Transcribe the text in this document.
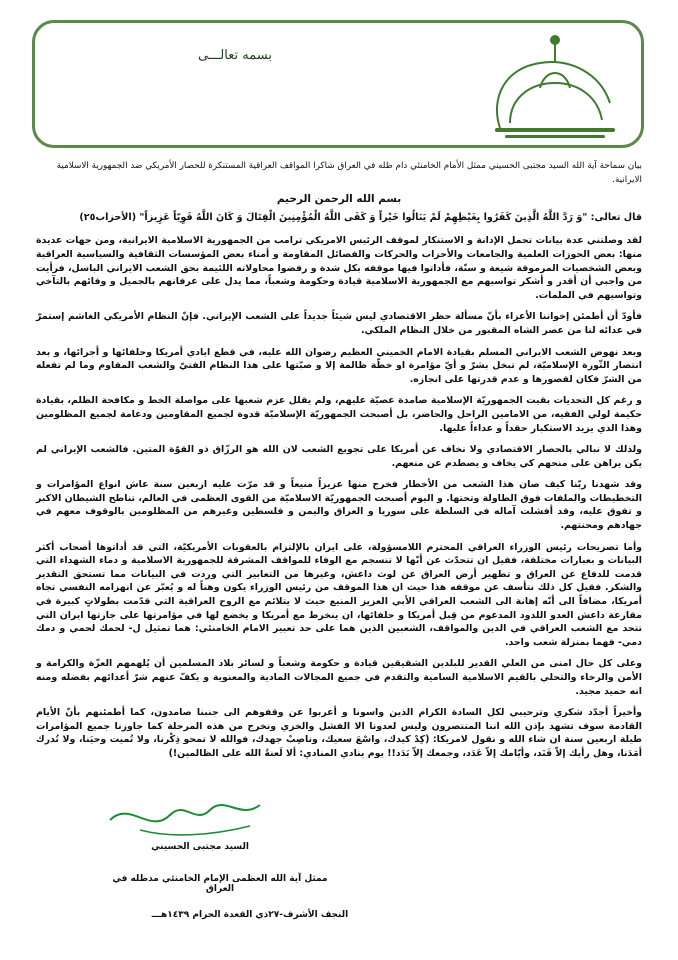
بسمه تعالـــى

بيان سماحة آية الله السيد مجتبى الحسيني ممثل الأمام الخامنئي دام ظله في العراق شاكرا المواقف العراقية المستنكرة للحصار الأمريكي ضد الجمهورية الاسلامية الايرانية.

بسم الله الرحمن الرحيم

قال تعالى: "وَ رَدَّ اللَّهُ الَّذِينَ كَفَرُوا بِغَيْظِهِمْ لَمْ يَنَالُوا خَيْراً وَ كَفَى اللَّهُ الْمُؤْمِنِينَ الْقِتَالَ وَ كَانَ اللَّهُ قَوِيّاً عَزِيزاً" (الأحزاب٢٥)

لقد وصلتني عدة بيانات تحمل الإدانة و الاستنكار لموقف الرئيس الامريكي ترامب من الجمهورية الاسلامية الايرانية، ومن جهات عديدة منها: بعض الحوزات العلمية والجامعات والأحزاب والحركات والفصائل المقاومة و أمناء بعض المؤسسات الثقافية والسياسية العراقية وبعض الشخصيات المرموقة شيعة و سنّة، فأداتوا فيها موقفه بكل شدة و رفضوا محاولاته اللئيمة بحق الشعب الايراني الباسل، فرأيت من واجبي أن أقدر و أشكر تواسيهم مع الجمهورية الاسلامية قيادة وحكومة وشعباً، مما يدل على عرفانهم بالجميل و وفائهم بالتآخي وتواسيهم في الملمات.

فأودّ أن أطمئن إخواننا الأعزاء بأنّ مسألة حظر الاقتصادي ليس شيئاً جديداً على الشعب الإيراني. فإنّ النظام الأمريكي الغاشم إستمرّ في عدائه لنا من عصر الشاه المقبور من خلال النظام الملكي.

وبعد نهوض الشعب الايراني المسلم بقيادة الامام الخميني العظيم رضوان الله عليه، في قطع ايادي أمريكا وحلفائها و أجرائها، و بعد انتصار الثّورة الإسلاميّة، لم تبخل بشرّ و أيّ مؤامرة او خطّة ظالمة إلا و صبّتها على هذا النظام الفتيّ والشعب المقاوم وما لم تفعله من الشرّ فكان لقصورها و عدم قدرتها على انجازه.

و رغم كل التحديات بقيت الجمهوريّة الإسلامية صامدة عصيّة عليهم، ولم يقلل عزم شعبها على مواصلة الخط و مكافحة الظلم، بقيادة حكيمة لولي الفقيه، من الامامين الراحل والحاضر، بل أصبحت الجمهوريّة الإسلاميّة قدوة لجميع المقاومين ودعامة لجميع المظلومين وهذا الذي يزيد الاستكبار حقداً و عداءاً عليها.

ولذلك لا نبالي بالحصار الاقتصادي ولا نخاف عن أمريكا على تجويع الشعب لان الله هو الرزّاق ذو القوّة المتين. فالشعب الإيراني لم يكن يراهن على منحهم كي يخاف و يصطدم عن منعهم.

وقد شهدنا ربّنا كيف صان هذا الشعب من الأخطار فخرج منها عزيزاً منيعاً و قد مرّت عليه اربعين سنة عاش انواع المؤامرات و التخطيطات والملفات فوق الطاولة وتحتها. و اليوم أصبحت الجمهوريّة الاسلاميّة من القوى العظمى في العالم، تناطح الشيطان الاكبر و تفوق عليه، وقد أفشلت آماله في السلطة على سوريا و العراق واليمن و فلسطين وغيرهم من المظلومين بالوقوف معهم في جهادهم ومحنتهم.

وأما تصريحات رئيس الوزراء العراقي المحترم اللامسؤولة، على ايران بالإلتزام بالعقوبات الأمريكيّة، التي قد أداتوها أصحاب أكثر البيانات و بعبارات مختلفة، فقيل ان تتحدّث عن أنّها لا تنسجم مع الوفاء للمواقف المشرقة للجمهورية الاسلامية و دماء الشهداء التي قدمت للدفاع عن العراق و تطهير أرض العراق عن لوث داعش، وغيرها من التعابير التي وردت في البيانات مما تستحق التقدير والشكر. فقيل كل ذلك نتأسف عن موقفه هذا حيث ان هذا الموقف من رئيس الوزراء يكون وهناً له و يُعبّر عن انهزامه النفسي تجاه أمريكا، مضافاً الى أنّه إهانة الى الشعب العراقي الأبي العزيز المنيع حيث لا يتلائم مع الروح العراقية التي قدّمت بطولاتٍ كبيرة في مقارعة داعش العدو اللدود المدعوم من قِبل أمريكا و حلفائها، ان ينخرط مع أمريكا و يخضع لها في مؤامرتها على جارتها ايران التي تتحد مع الشعب العراقي في الدين والمواقف، الشعبين الذين هما على حد تعبير الامام الخامنئي: هما تمثيل ل- لحمك لحمي و دمك دمي- فهما بمنزلة شعب واحد.

وعلى كل حال امنى من العلي القدير للبلدين الشقيقين قيادة و حكومة وشعباً و لسائر بلاد المسلمين أن يُلهمهم العزّة والكرامة و الأمن والرخاء والتحلي بالقيم الاسلامية السامية والتقدم في جميع المجالات المادية والمعنوية و يكفّ عنهم شرّ أعدائهم بفضله ومنه انه حميد مجيد.

وأخيراً أجدّد شكري وترحيبي لكل السادة الكرام الذين واسونا و أعربوا عن وقفوهم الى جنبنا صامدون، كما أطمئنهم بأنّ الأيام القادمة سوف تشهد بإذن الله اننا المنتصرون وليس لعدونا الا الفشل والخزي ونخرج من هذه المرحلة كما جاوزنا جميع المؤامرات طيلة اربعين سنة ان شاء الله و نقول لامريكا: (كِدْ كيدك، واسْعَ سعيك، وناصِبْ جهدك، فوالله لا تمحو ذِكْرنا، ولا تُميت وحيَنا، ولا تُدرك أمَدَنا، وهل رأيك إلاّ فَنَد، وأيّامك إلاّ عَدَد، وجمعك إلاّ بَدَد!! يوم ينادي المنادي: ألا لَعنةُ الله على الظالمين!)

السيد مجتبى الحسيني
ممثل آية الله العظمى الإمام الخامنئي مدظله في العراق
النجف الأشرف-٢٧ذي القعدة الحرام ١٤٣٩هـــ
